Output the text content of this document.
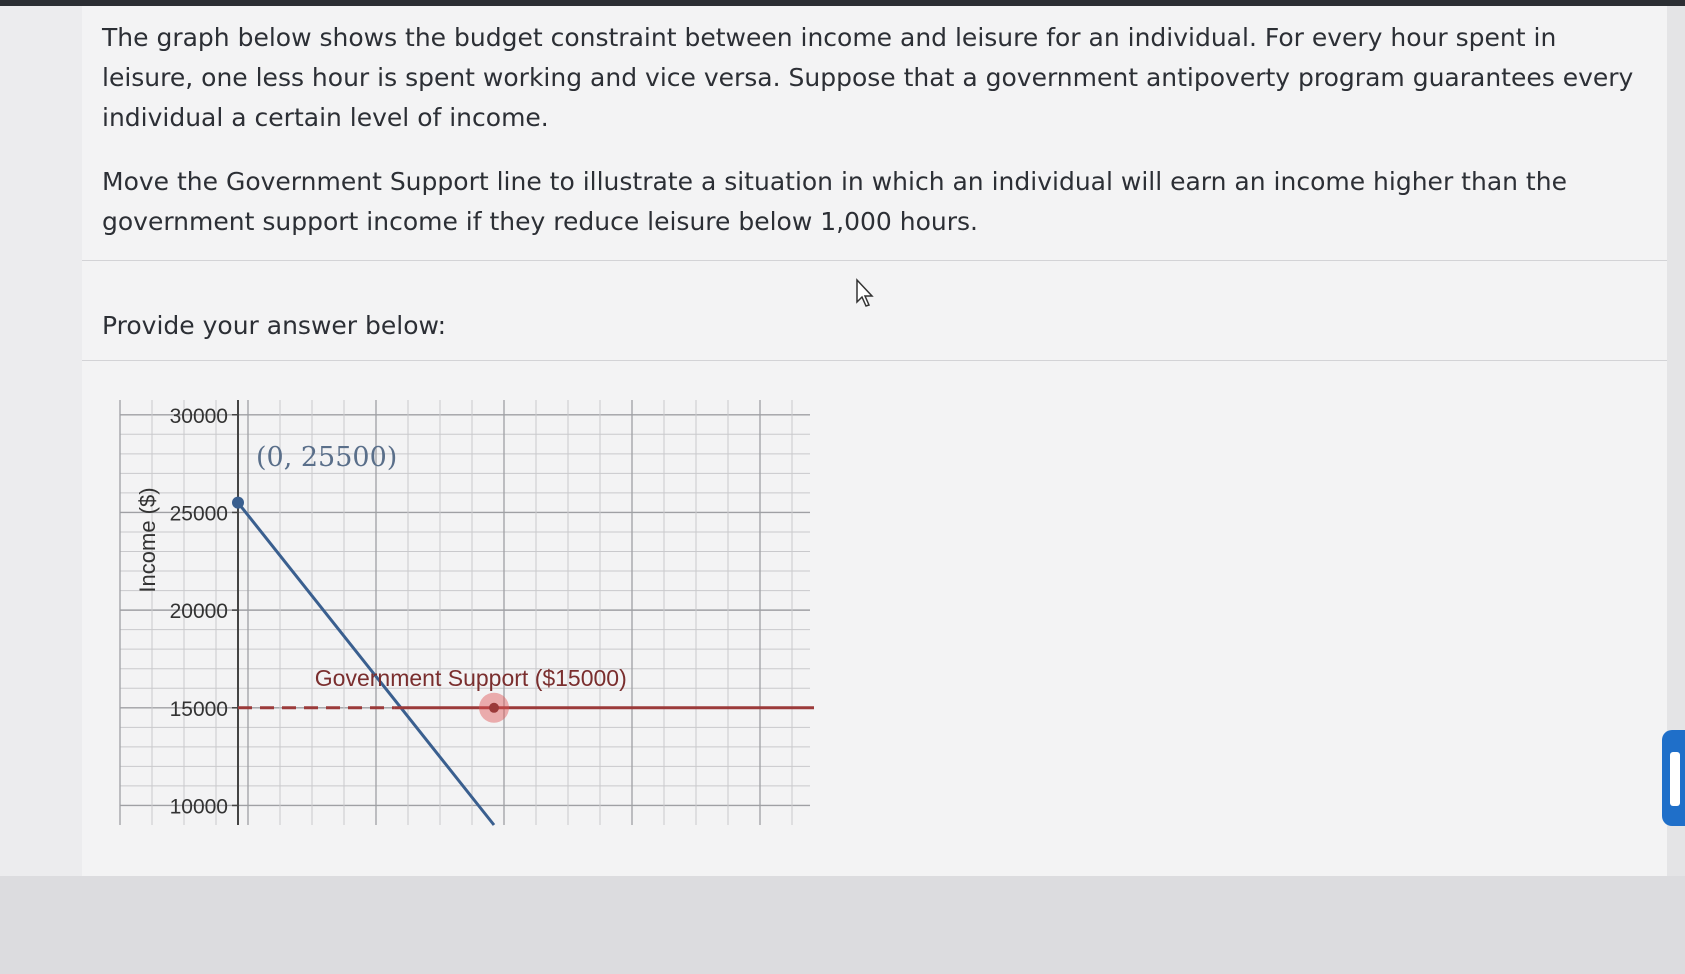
The graph below shows the budget constraint between income and leisure for an individual. For every hour spent in leisure, one less hour is spent working and vice versa. Suppose that a government antipoverty program guarantees every individual a certain level of income.

Move the Government Support line to illustrate a situation in which an individual will earn an income higher than the government support income if they reduce leisure below 1,000 hours.

Provide your answer below:

30000
25000
20000
15000
10000
Income ($)
(0, 25500)
Government Support ($15000)
